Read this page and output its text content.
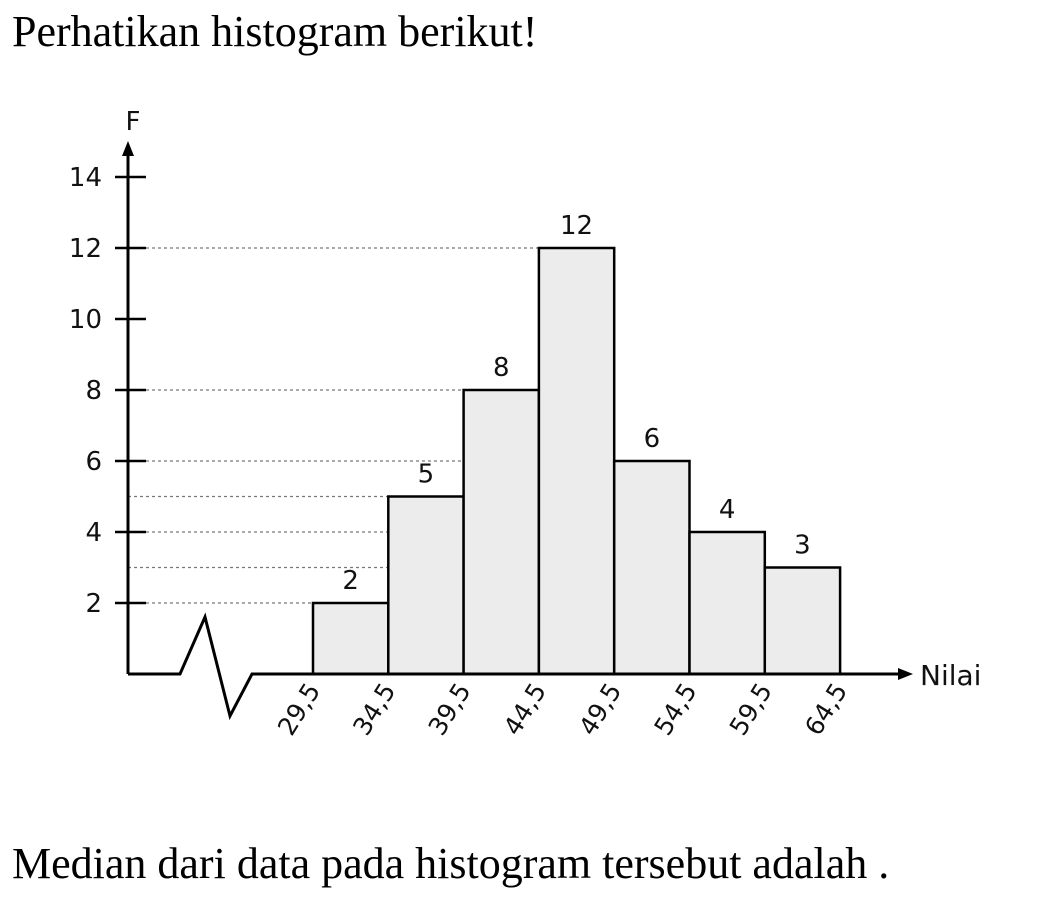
Perhatikan histogram berikut!
F
Nilai
2
4
6
8
10
12
14
29,5 34,5 39,5 44,5 49,5 54,5 59,5 64,5
2
5
8
12
6
4
3
Median dari data pada histogram tersebut adalah .
